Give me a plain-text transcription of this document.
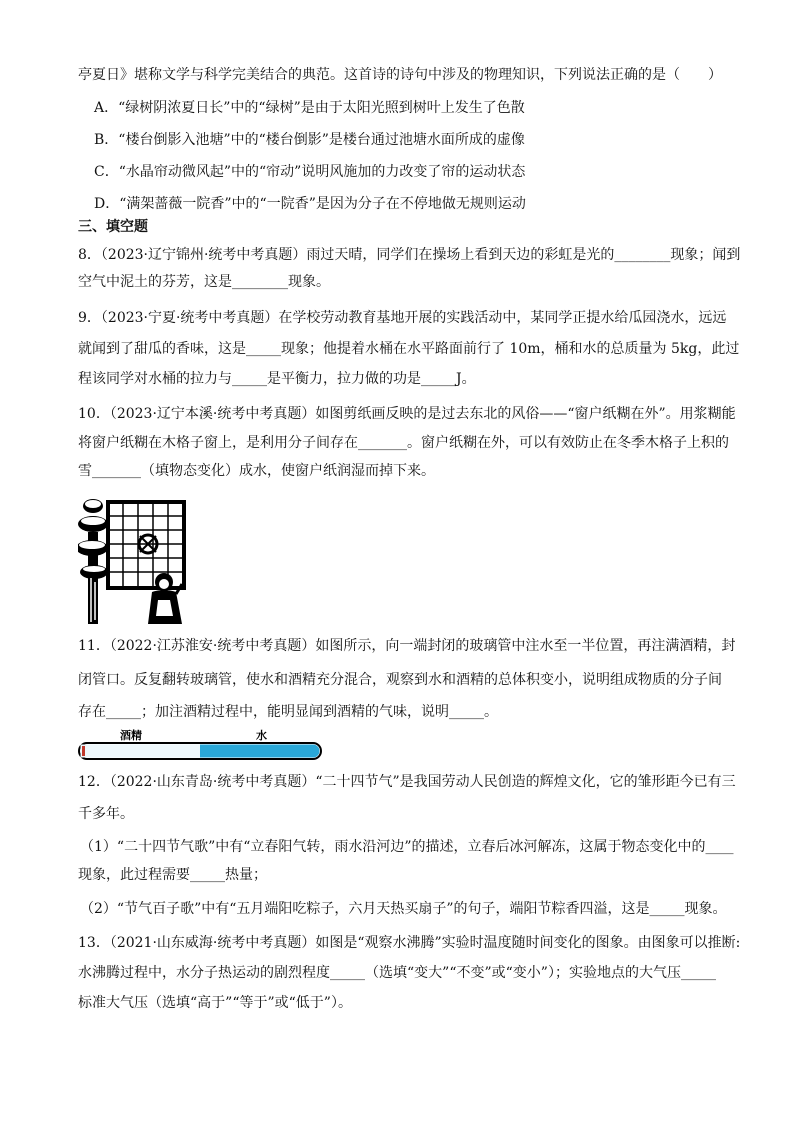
亭夏日》堪称文学与科学完美结合的典范。这首诗的诗句中涉及的物理知识，下列说法正确的是（　　）
A．“绿树阴浓夏日长”中的“绿树”是由于太阳光照到树叶上发生了色散
B．“楼台倒影入池塘”中的“楼台倒影”是楼台通过池塘水面所成的虚像
C．“水晶帘动微风起”中的“帘动”说明风施加的力改变了帘的运动状态
D．“满架蔷薇一院香”中的“一院香”是因为分子在不停地做无规则运动
三、填空题
8．（2023·辽宁锦州·统考中考真题）雨过天晴，同学们在操场上看到天边的彩虹是光的________现象；闻到
空气中泥土的芬芳，这是________现象。
9．（2023·宁夏·统考中考真题）在学校劳动教育基地开展的实践活动中，某同学正提水给瓜园浇水，远远
就闻到了甜瓜的香味，这是_____现象；他提着水桶在水平路面前行了 10m，桶和水的总质量为 5kg，此过
程该同学对水桶的拉力与_____是平衡力，拉力做的功是_____J。
10．（2023·辽宁本溪·统考中考真题）如图剪纸画反映的是过去东北的风俗——“窗户纸糊在外”。用浆糊能
将窗户纸糊在木格子窗上，是利用分子间存在_______。窗户纸糊在外，可以有效防止在冬季木格子上积的
雪_______（填物态变化）成水，使窗户纸润湿而掉下来。
11．（2022·江苏淮安·统考中考真题）如图所示，向一端封闭的玻璃管中注水至一半位置，再注满酒精，封
闭管口。反复翻转玻璃管，使水和酒精充分混合，观察到水和酒精的总体积变小，说明组成物质的分子间
存在_____；加注酒精过程中，能明显闻到酒精的气味，说明_____。
酒精	水
12．（2022·山东青岛·统考中考真题）“二十四节气”是我国劳动人民创造的辉煌文化，它的雏形距今已有三
千多年。
（1）“二十四节气歌”中有“立春阳气转，雨水沿河边”的描述，立春后冰河解冻，这属于物态变化中的____
现象，此过程需要_____热量；
（2）“节气百子歌”中有“五月端阳吃粽子，六月天热买扇子”的句子，端阳节粽香四溢，这是_____现象。
13．（2021·山东威海·统考中考真题）如图是“观察水沸腾”实验时温度随时间变化的图象。由图象可以推断:
水沸腾过程中，水分子热运动的剧烈程度_____（选填“变大”“不变”或“变小”）；实验地点的大气压_____
标准大气压（选填“高于”“等于”或“低于”）。
